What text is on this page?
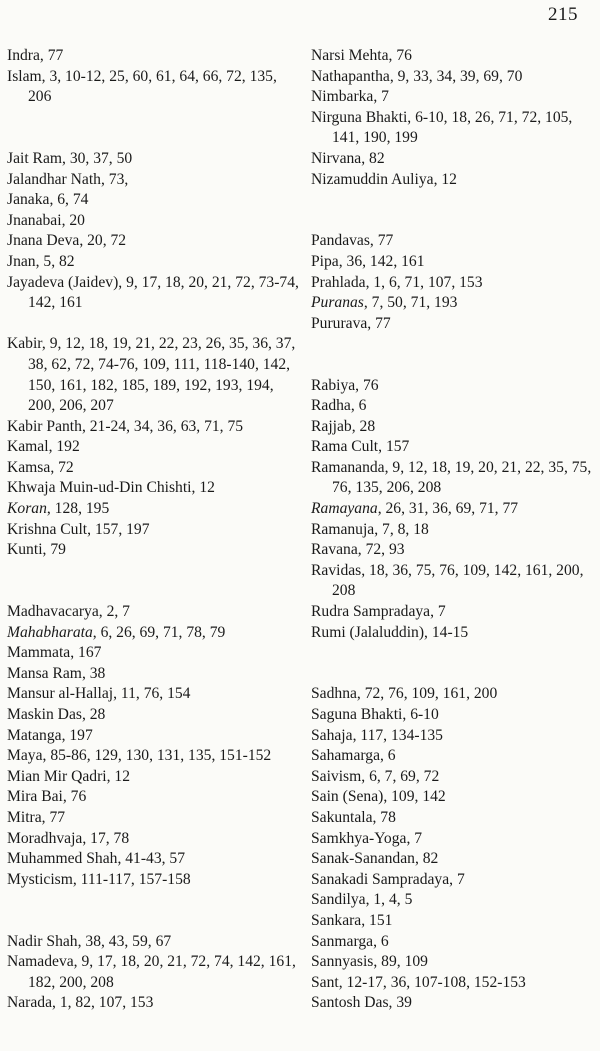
215
Indra, 77
Islam, 3, 10-12, 25, 60, 61, 64, 66, 72, 135, 206
Jait Ram, 30, 37, 50
Jalandhar Nath, 73,
Janaka, 6, 74
Jnanabai, 20
Jnana Deva, 20, 72
Jnan, 5, 82
Jayadeva (Jaidev), 9, 17, 18, 20, 21, 72, 73-74, 142, 161
Kabir, 9, 12, 18, 19, 21, 22, 23, 26, 35, 36, 37, 38, 62, 72, 74-76, 109, 111, 118-140, 142, 150, 161, 182, 185, 189, 192, 193, 194, 200, 206, 207
Kabir Panth, 21-24, 34, 36, 63, 71, 75
Kamal, 192
Kamsa, 72
Khwaja Muin-ud-Din Chishti, 12
Koran, 128, 195
Krishna Cult, 157, 197
Kunti, 79
Madhavacarya, 2, 7
Mahabharata, 6, 26, 69, 71, 78, 79
Mammata, 167
Mansa Ram, 38
Mansur al-Hallaj, 11, 76, 154
Maskin Das, 28
Matanga, 197
Maya, 85-86, 129, 130, 131, 135, 151-152
Mian Mir Qadri, 12
Mira Bai, 76
Mitra, 77
Moradhvaja, 17, 78
Muhammed Shah, 41-43, 57
Mysticism, 111-117, 157-158
Nadir Shah, 38, 43, 59, 67
Namadeva, 9, 17, 18, 20, 21, 72, 74, 142, 161, 182, 200, 208
Narada, 1, 82, 107, 153
Narsi Mehta, 76
Nathapantha, 9, 33, 34, 39, 69, 70
Nimbarka, 7
Nirguna Bhakti, 6-10, 18, 26, 71, 72, 105, 141, 190, 199
Nirvana, 82
Nizamuddin Auliya, 12
Pandavas, 77
Pipa, 36, 142, 161
Prahlada, 1, 6, 71, 107, 153
Puranas, 7, 50, 71, 193
Pururava, 77
Rabiya, 76
Radha, 6
Rajjab, 28
Rama Cult, 157
Ramananda, 9, 12, 18, 19, 20, 21, 22, 35, 75, 76, 135, 206, 208
Ramayana, 26, 31, 36, 69, 71, 77
Ramanuja, 7, 8, 18
Ravana, 72, 93
Ravidas, 18, 36, 75, 76, 109, 142, 161, 200, 208
Rudra Sampradaya, 7
Rumi (Jalaluddin), 14-15
Sadhna, 72, 76, 109, 161, 200
Saguna Bhakti, 6-10
Sahaja, 117, 134-135
Sahamarga, 6
Saivism, 6, 7, 69, 72
Sain (Sena), 109, 142
Sakuntala, 78
Samkhya-Yoga, 7
Sanak-Sanandan, 82
Sanakadi Sampradaya, 7
Sandilya, 1, 4, 5
Sankara, 151
Sanmarga, 6
Sannyasis, 89, 109
Sant, 12-17, 36, 107-108, 152-153
Santosh Das, 39
